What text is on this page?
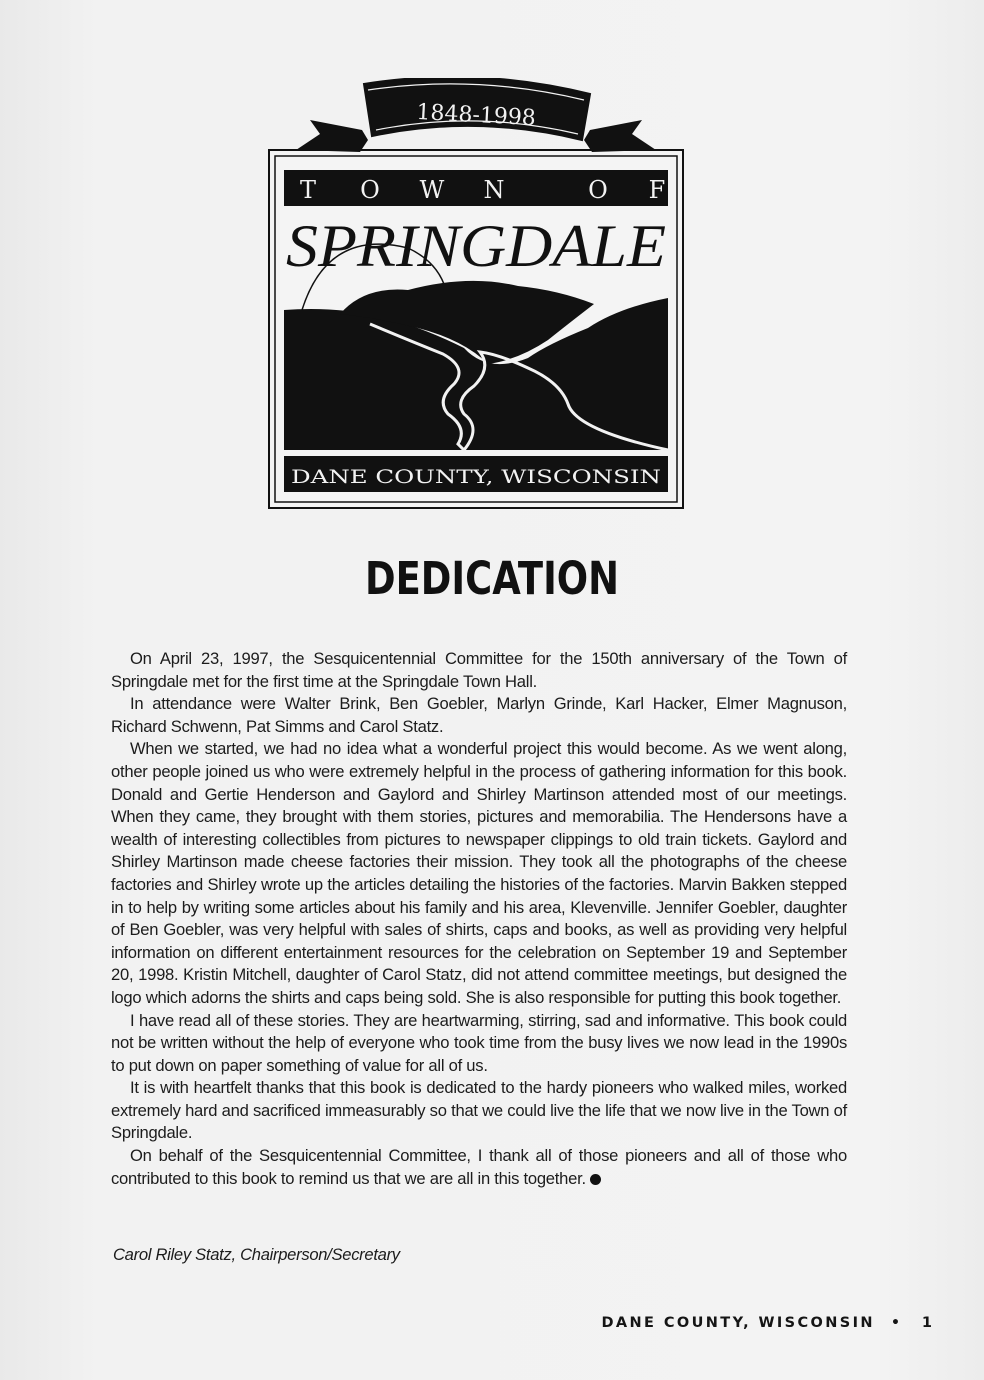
T O W N	O F
1848-1998
SPRINGDALE
DANE COUNTY, WISCONSIN
DEDICATION

On April 23, 1997, the Sesquicentennial Committee for the 150th anniversary of the Town of Springdale met for the first time at the Springdale Town Hall.

In attendance were Walter Brink, Ben Goebler, Marlyn Grinde, Karl Hacker, Elmer Magnuson, Richard Schwenn, Pat Simms and Carol Statz.

When we started, we had no idea what a wonderful project this would become. As we went along, other people joined us who were extremely helpful in the process of gathering information for this book. Donald and Gertie Henderson and Gaylord and Shirley Martinson attended most of our meetings. When they came, they brought with them stories, pictures and memorabilia. The Hendersons have a wealth of interesting collectibles from pictures to newspaper clippings to old train tickets. Gaylord and Shirley Martinson made cheese factories their mission. They took all the photographs of the cheese factories and Shirley wrote up the articles detailing the histories of the factories. Marvin Bakken stepped in to help by writing some articles about his family and his area, Klevenville. Jennifer Goebler, daughter of Ben Goebler, was very helpful with sales of shirts, caps and books, as well as providing very helpful information on different entertainment resources for the celebration on September 19 and September 20, 1998. Kristin Mitchell, daughter of Carol Statz, did not attend committee meetings, but designed the logo which adorns the shirts and caps being sold. She is also responsible for putting this book together.

I have read all of these stories. They are heartwarming, stirring, sad and informative. This book could not be written without the help of everyone who took time from the busy lives we now lead in the 1990s to put down on paper something of value for all of us.

It is with heartfelt thanks that this book is dedicated to the hardy pioneers who walked miles, worked extremely hard and sacrificed immeasurably so that we could live the life that we now live in the Town of Springdale.

On behalf of the Sesquicentennial Committee, I thank all of those pioneers and all of those who contributed to this book to remind us that we are all in this together.

Carol Riley Statz, Chairperson/Secretary
DANE COUNTY, WISCONSIN • 1
